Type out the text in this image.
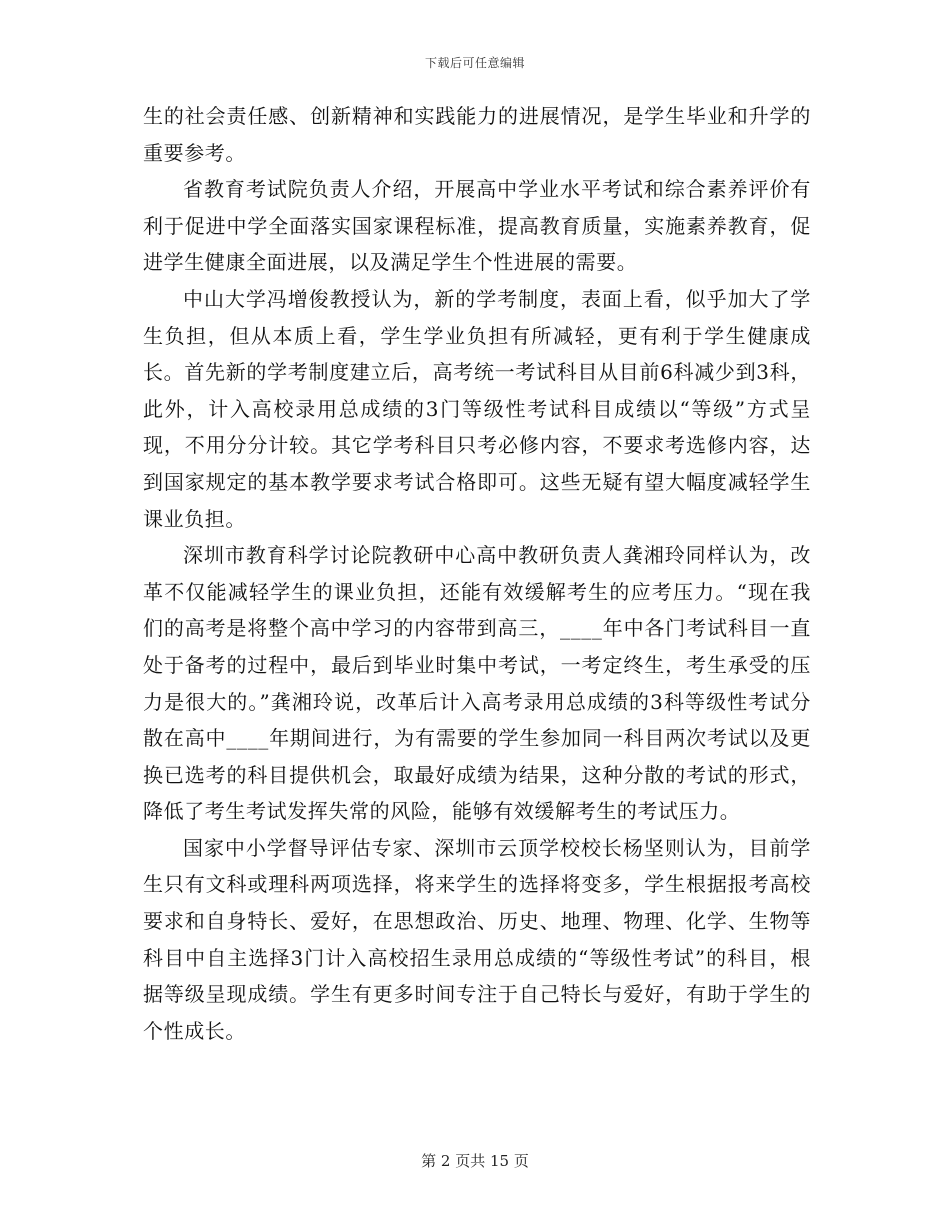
下载后可任意编辑

生的社会责任感、创新精神和实践能力的进展情况，是学生毕业和升学的重要参考。

省教育考试院负责人介绍，开展高中学业水平考试和综合素养评价有利于促进中学全面落实国家课程标准，提高教育质量，实施素养教育，促进学生健康全面进展，以及满足学生个性进展的需要。

中山大学冯增俊教授认为，新的学考制度，表面上看，似乎加大了学生负担，但从本质上看，学生学业负担有所减轻，更有利于学生健康成长。首先新的学考制度建立后，高考统一考试科目从目前6科减少到3科，此外，计入高校录用总成绩的3门等级性考试科目成绩以“等级”方式呈现，不用分分计较。其它学考科目只考必修内容，不要求考选修内容，达到国家规定的基本教学要求考试合格即可。这些无疑有望大幅度减轻学生课业负担。

深圳市教育科学讨论院教研中心高中教研负责人龚湘玲同样认为，改革不仅能减轻学生的课业负担，还能有效缓解考生的应考压力。“现在我们的高考是将整个高中学习的内容带到高三，____年中各门考试科目一直处于备考的过程中，最后到毕业时集中考试，一考定终生，考生承受的压力是很大的。”龚湘玲说，改革后计入高考录用总成绩的3科等级性考试分散在高中____年期间进行，为有需要的学生参加同一科目两次考试以及更换已选考的科目提供机会，取最好成绩为结果，这种分散的考试的形式，降低了考生考试发挥失常的风险，能够有效缓解考生的考试压力。

国家中小学督导评估专家、深圳市云顶学校校长杨坚则认为，目前学生只有文科或理科两项选择，将来学生的选择将变多，学生根据报考高校要求和自身特长、爱好，在思想政治、历史、地理、物理、化学、生物等科目中自主选择3门计入高校招生录用总成绩的“等级性考试”的科目，根据等级呈现成绩。学生有更多时间专注于自己特长与爱好，有助于学生的个性成长。

第 2 页共 15 页
